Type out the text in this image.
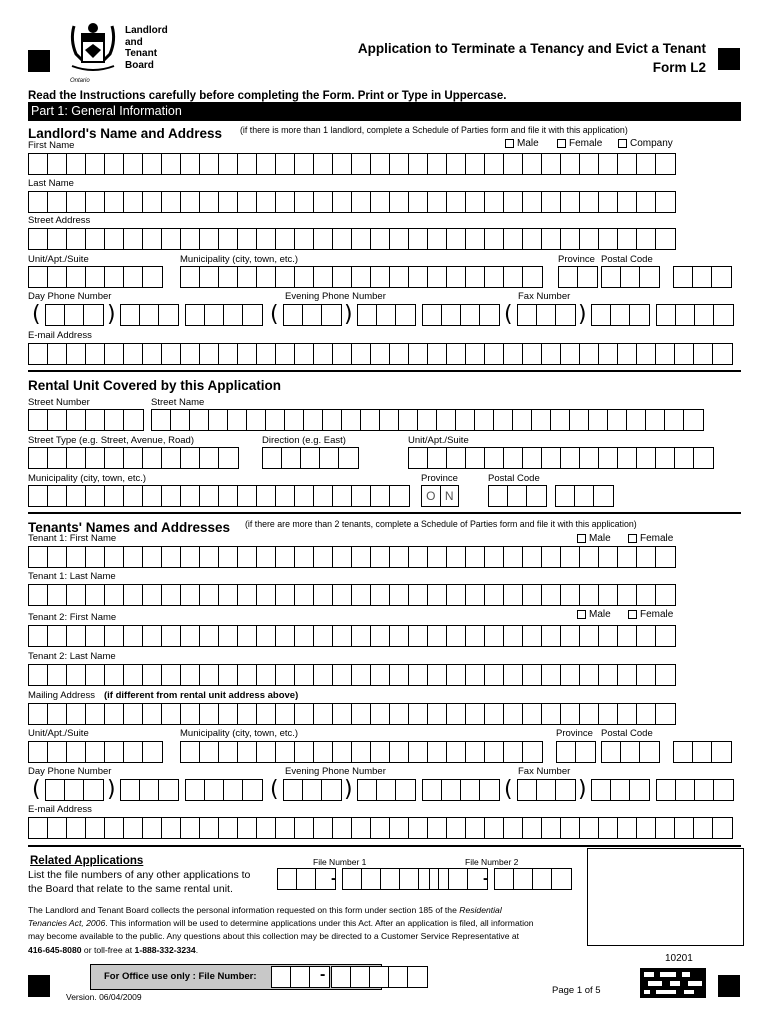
Landlord
and
Tenant
Board
Ontario
Application to Terminate a Tenancy and Evict a Tenant
Form L2
Read the Instructions carefully before completing the Form. Print or Type in Uppercase.
Part 1: General Information
Landlord's Name and Address (if there is more than 1 landlord, complete a Schedule of Parties form and file it with this application)
First Name	Male	Female	Company
Last Name
Street Address
Unit/Apt./Suite	Municipality (city, town, etc.)	Province Postal Code
Day Phone Number	Evening Phone Number	Fax Number
(	)	(	)	(	)
E-mail Address
Rental Unit Covered by this Application
Street Number	Street Name
Street Type (e.g. Street, Avenue, Road)	Direction (e.g. East)	Unit/Apt./Suite
Municipality (city, town, etc.)	Province	Postal Code
O N
Tenants' Names and Addresses (if there are more than 2 tenants, complete a Schedule of Parties form and file it with this application)
Tenant 1: First Name	Male	Female
Tenant 1: Last Name
Tenant 2: First Name	Male	Female
Tenant 2: Last Name
Mailing Address (if different from rental unit address above)
Unit/Apt./Suite	Municipality (city, town, etc.)	Province Postal Code
Day Phone Number	Evening Phone Number	Fax Number
(	)	(	)	(	)
E-mail Address
Related Applications
List the file numbers of any other applications to
the Board that relate to the same rental unit.
File Number 1	File Number 2
-	-
The Landlord and Tenant Board collects the personal information requested on this form under section 185 of the Residential
Tenancies Act, 2006. This information will be used to determine applications under this Act. After an application is filed, all information
may become available to the public. Any questions about this collection may be directed to a Customer Service Representative at
416-645-8080 or toll-free at 1-888-332-3234.
For Office use only : File Number:	-
10201
Page 1 of 5
Version. 06/04/2009
